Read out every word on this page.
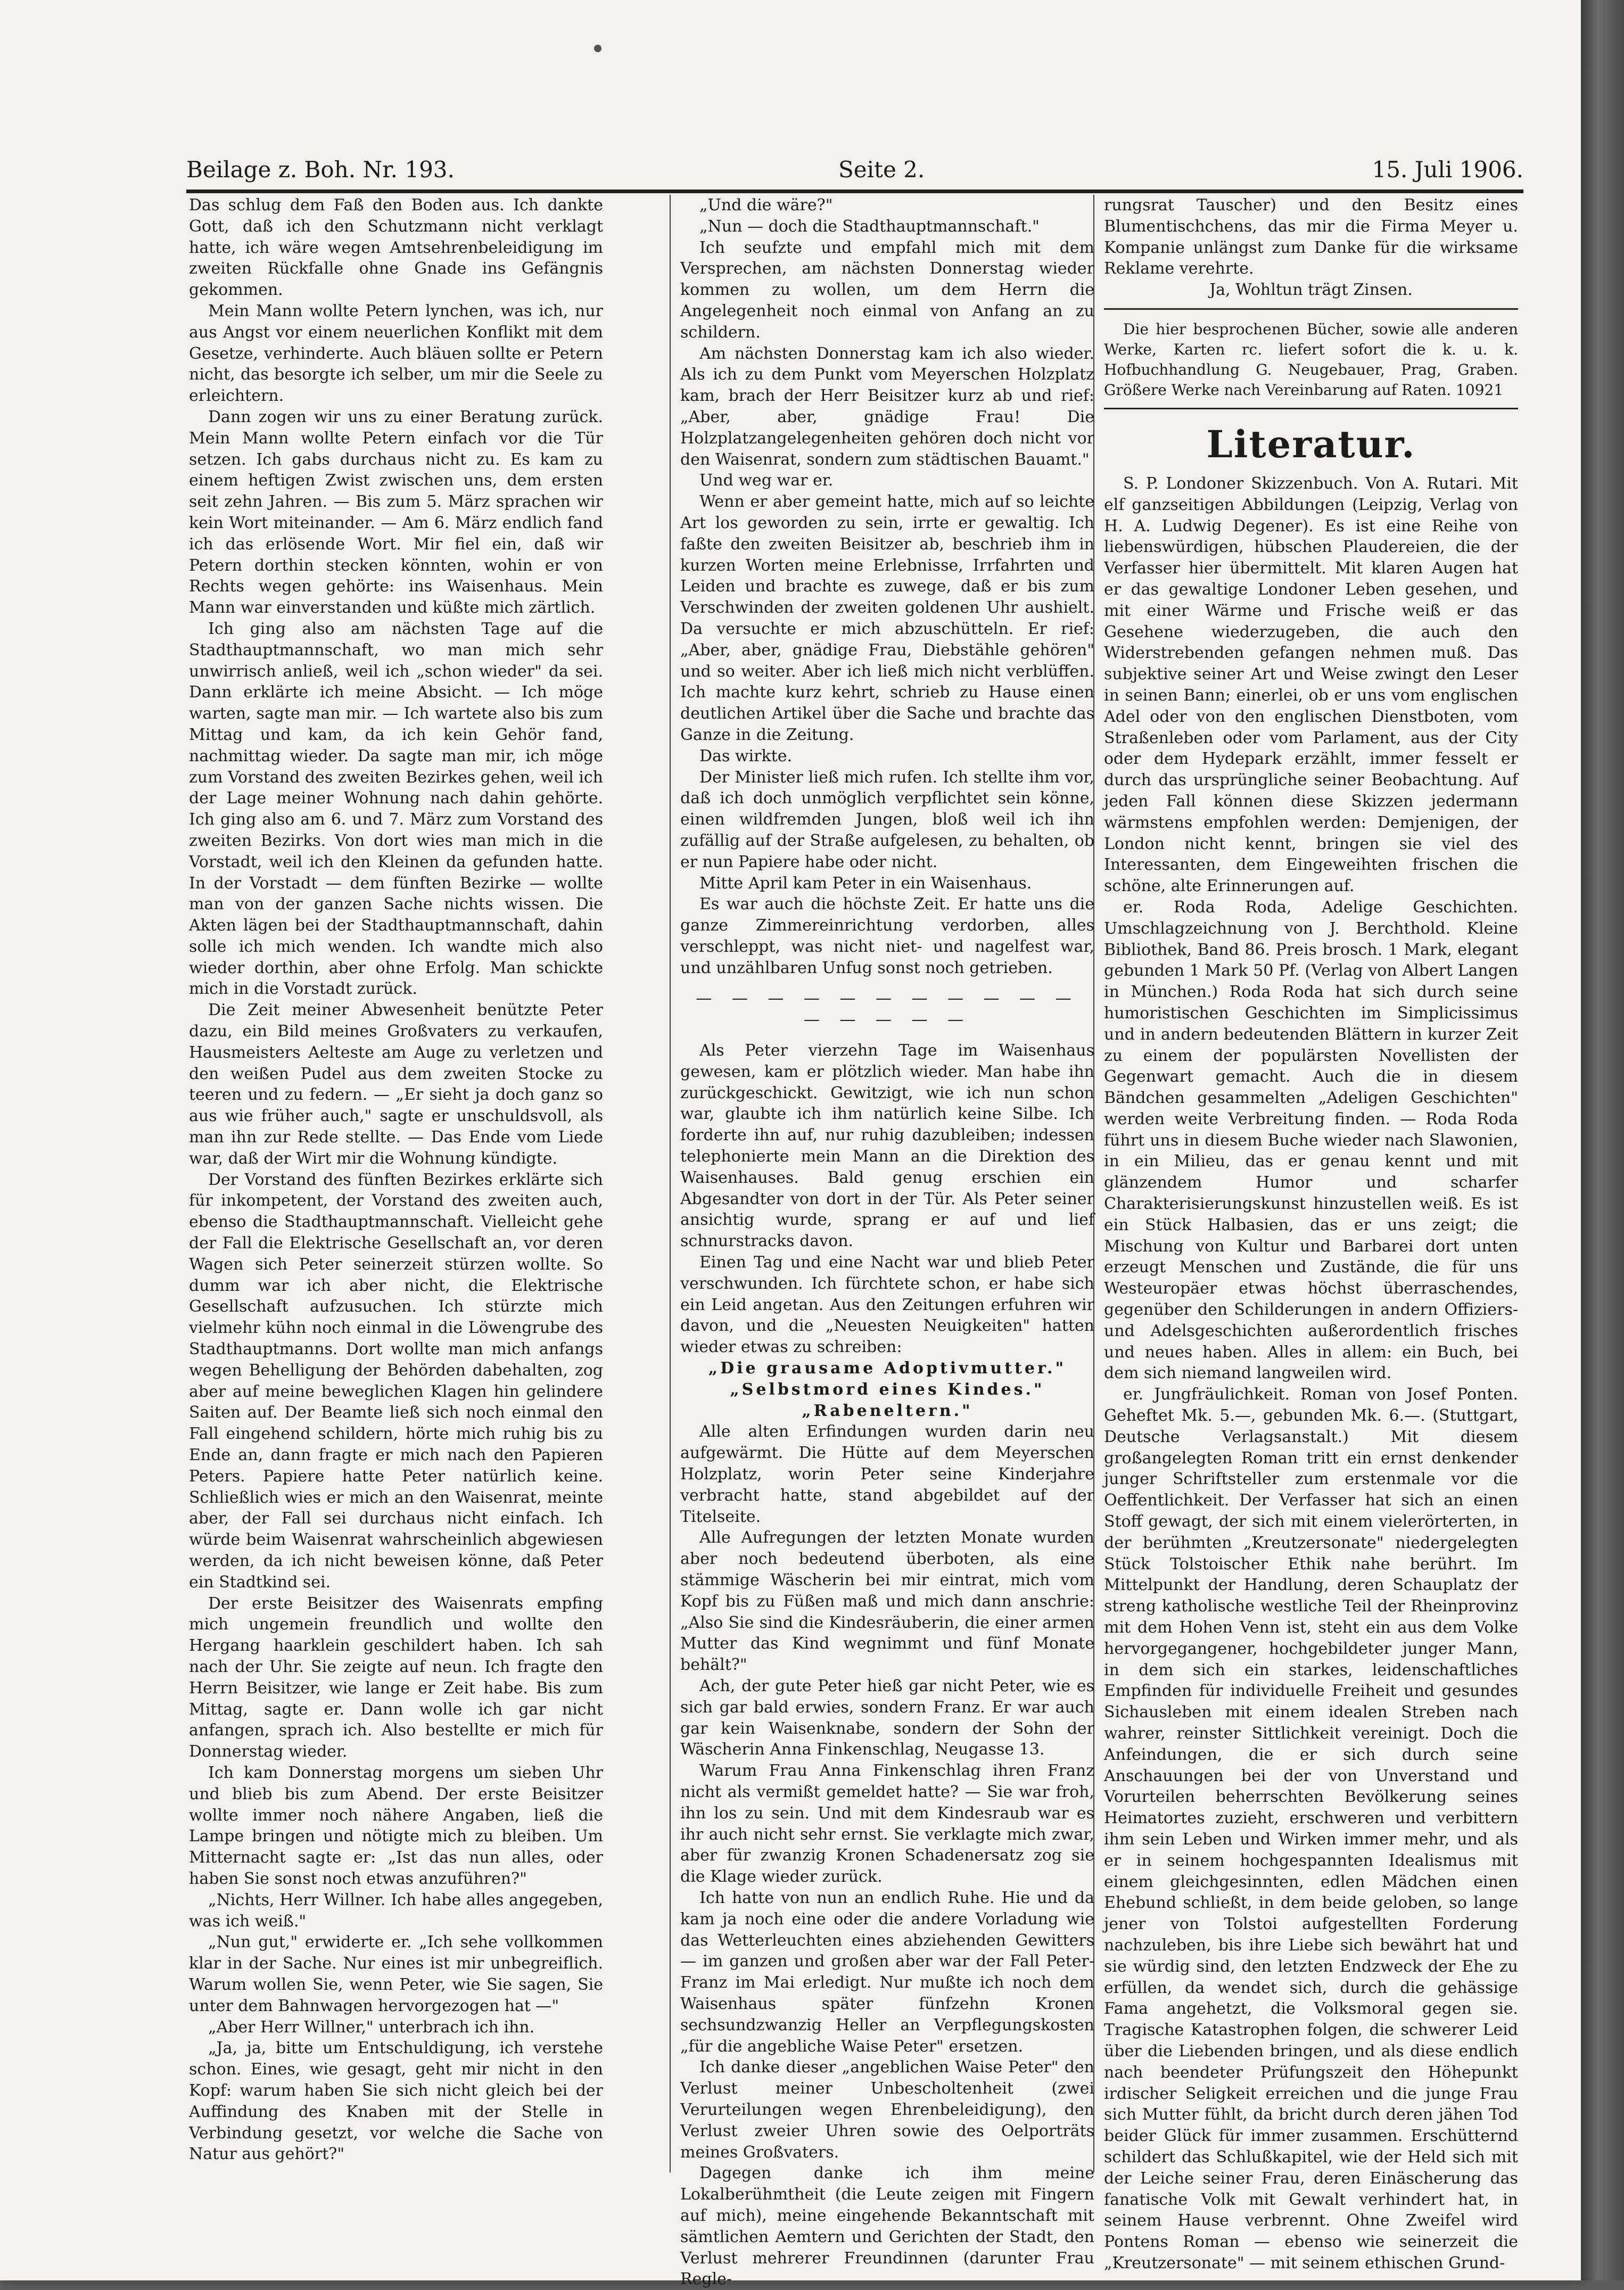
Beilage z. Boh. Nr. 193.	Seite 2.	15. Juli 1906.

Das schlug dem Faß den Boden aus. Ich dankte Gott, daß ich den Schutzmann nicht verklagt hatte, ich wäre wegen Amtsehrenbeleidigung im zweiten Rückfalle ohne Gnade ins Gefängnis gekommen.

Mein Mann wollte Petern lynchen, was ich, nur aus Angst vor einem neuerlichen Konflikt mit dem Gesetze, verhinderte. Auch bläuen sollte er Petern nicht, das besorgte ich selber, um mir die Seele zu erleichtern.

Dann zogen wir uns zu einer Beratung zurück. Mein Mann wollte Petern einfach vor die Tür setzen. Ich gabs durchaus nicht zu. Es kam zu einem heftigen Zwist zwischen uns, dem ersten seit zehn Jahren. — Bis zum 5. März sprachen wir kein Wort miteinander. — Am 6. März endlich fand ich das erlösende Wort. Mir fiel ein, daß wir Petern dorthin stecken könnten, wohin er von Rechts wegen gehörte: ins Waisenhaus. Mein Mann war einverstanden und küßte mich zärtlich.

Ich ging also am nächsten Tage auf die Stadthauptmannschaft, wo man mich sehr unwirrisch anließ, weil ich „schon wieder" da sei. Dann erklärte ich meine Absicht. — Ich möge warten, sagte man mir. — Ich wartete also bis zum Mittag und kam, da ich kein Gehör fand, nachmittag wieder. Da sagte man mir, ich möge zum Vorstand des zweiten Bezirkes gehen, weil ich der Lage meiner Wohnung nach dahin gehörte. Ich ging also am 6. und 7. März zum Vorstand des zweiten Bezirks. Von dort wies man mich in die Vorstadt, weil ich den Kleinen da gefunden hatte. In der Vorstadt — dem fünften Bezirke — wollte man von der ganzen Sache nichts wissen. Die Akten lägen bei der Stadthauptmannschaft, dahin solle ich mich wenden. Ich wandte mich also wieder dorthin, aber ohne Erfolg. Man schickte mich in die Vorstadt zurück.

Die Zeit meiner Abwesenheit benützte Peter dazu, ein Bild meines Großvaters zu verkaufen, Hausmeisters Aelteste am Auge zu verletzen und den weißen Pudel aus dem zweiten Stocke zu teeren und zu federn. — „Er sieht ja doch ganz so aus wie früher auch," sagte er unschuldsvoll, als man ihn zur Rede stellte. — Das Ende vom Liede war, daß der Wirt mir die Wohnung kündigte.

Der Vorstand des fünften Bezirkes erklärte sich für inkompetent, der Vorstand des zweiten auch, ebenso die Stadthauptmannschaft. Vielleicht gehe der Fall die Elektrische Gesellschaft an, vor deren Wagen sich Peter seinerzeit stürzen wollte. So dumm war ich aber nicht, die Elektrische Gesellschaft aufzusuchen. Ich stürzte mich vielmehr kühn noch einmal in die Löwengrube des Stadthauptmanns. Dort wollte man mich anfangs wegen Behelligung der Behörden dabehalten, zog aber auf meine beweglichen Klagen hin gelindere Saiten auf. Der Beamte ließ sich noch einmal den Fall eingehend schildern, hörte mich ruhig bis zu Ende an, dann fragte er mich nach den Papieren Peters. Papiere hatte Peter natürlich keine. Schließlich wies er mich an den Waisenrat, meinte aber, der Fall sei durchaus nicht einfach. Ich würde beim Waisenrat wahrscheinlich abgewiesen werden, da ich nicht beweisen könne, daß Peter ein Stadtkind sei.

Der erste Beisitzer des Waisenrats empfing mich ungemein freundlich und wollte den Hergang haarklein geschildert haben. Ich sah nach der Uhr. Sie zeigte auf neun. Ich fragte den Herrn Beisitzer, wie lange er Zeit habe. Bis zum Mittag, sagte er. Dann wolle ich gar nicht anfangen, sprach ich. Also bestellte er mich für Donnerstag wieder.

Ich kam Donnerstag morgens um sieben Uhr und blieb bis zum Abend. Der erste Beisitzer wollte immer noch nähere Angaben, ließ die Lampe bringen und nötigte mich zu bleiben. Um Mitternacht sagte er: „Ist das nun alles, oder haben Sie sonst noch etwas anzuführen?"

„Nichts, Herr Willner. Ich habe alles angegeben, was ich weiß."

„Nun gut," erwiderte er. „Ich sehe vollkommen klar in der Sache. Nur eines ist mir unbegreiflich. Warum wollen Sie, wenn Peter, wie Sie sagen, Sie unter dem Bahnwagen hervorgezogen hat —"

„Aber Herr Willner," unterbrach ich ihn.

„Ja, ja, bitte um Entschuldigung, ich verstehe schon. Eines, wie gesagt, geht mir nicht in den Kopf: warum haben Sie sich nicht gleich bei der Auffindung des Knaben mit der Stelle in Verbindung gesetzt, vor welche die Sache von Natur aus gehört?"

„Und die wäre?"

„Nun — doch die Stadthauptmannschaft."

Ich seufzte und empfahl mich mit dem Versprechen, am nächsten Donnerstag wieder kommen zu wollen, um dem Herrn die Angelegenheit noch einmal von Anfang an zu schildern.

Am nächsten Donnerstag kam ich also wieder. Als ich zu dem Punkt vom Meyerschen Holzplatz kam, brach der Herr Beisitzer kurz ab und rief: „Aber, aber, gnädige Frau! Die Holzplatzangelegenheiten gehören doch nicht vor den Waisenrat, sondern zum städtischen Bauamt."

Und weg war er.

Wenn er aber gemeint hatte, mich auf so leichte Art los geworden zu sein, irrte er gewaltig. Ich faßte den zweiten Beisitzer ab, beschrieb ihm in kurzen Worten meine Erlebnisse, Irrfahrten und Leiden und brachte es zuwege, daß er bis zum Verschwinden der zweiten goldenen Uhr aushielt. Da versuchte er mich abzuschütteln. Er rief: „Aber, aber, gnädige Frau, Diebstähle gehören" und so weiter. Aber ich ließ mich nicht verblüffen. Ich machte kurz kehrt, schrieb zu Hause einen deutlichen Artikel über die Sache und brachte das Ganze in die Zeitung.

Das wirkte.

Der Minister ließ mich rufen. Ich stellte ihm vor, daß ich doch unmöglich verpflichtet sein könne, einen wildfremden Jungen, bloß weil ich ihn zufällig auf der Straße aufgelesen, zu behalten, ob er nun Papiere habe oder nicht.

Mitte April kam Peter in ein Waisenhaus.

Es war auch die höchste Zeit. Er hatte uns die ganze Zimmereinrichtung verdorben, alles verschleppt, was nicht niet- und nagelfest war, und unzählbaren Unfug sonst noch getrieben.

— — — — — — — — — — — — — — — —

Als Peter vierzehn Tage im Waisenhaus gewesen, kam er plötzlich wieder. Man habe ihn zurückgeschickt. Gewitzigt, wie ich nun schon war, glaubte ich ihm natürlich keine Silbe. Ich forderte ihn auf, nur ruhig dazubleiben; indessen telephonierte mein Mann an die Direktion des Waisenhauses. Bald genug erschien ein Abgesandter von dort in der Tür. Als Peter seiner ansichtig wurde, sprang er auf und lief schnurstracks davon.

Einen Tag und eine Nacht war und blieb Peter verschwunden. Ich fürchtete schon, er habe sich ein Leid angetan. Aus den Zeitungen erfuhren wir davon, und die „Neuesten Neuigkeiten" hatten wieder etwas zu schreiben:

„Die grausame Adoptivmutter."

„Selbstmord eines Kindes."

„Rabeneltern."

Alle alten Erfindungen wurden darin neu aufgewärmt. Die Hütte auf dem Meyerschen Holzplatz, worin Peter seine Kinderjahre verbracht hatte, stand abgebildet auf der Titelseite.

Alle Aufregungen der letzten Monate wurden aber noch bedeutend überboten, als eine stämmige Wäscherin bei mir eintrat, mich vom Kopf bis zu Füßen maß und mich dann anschrie: „Also Sie sind die Kindesräuberin, die einer armen Mutter das Kind wegnimmt und fünf Monate behält?"

Ach, der gute Peter hieß gar nicht Peter, wie es sich gar bald erwies, sondern Franz. Er war auch gar kein Waisenknabe, sondern der Sohn der Wäscherin Anna Finkenschlag, Neugasse 13.

Warum Frau Anna Finkenschlag ihren Franz nicht als vermißt gemeldet hatte? — Sie war froh, ihn los zu sein. Und mit dem Kindesraub war es ihr auch nicht sehr ernst. Sie verklagte mich zwar, aber für zwanzig Kronen Schadenersatz zog sie die Klage wieder zurück.

Ich hatte von nun an endlich Ruhe. Hie und da kam ja noch eine oder die andere Vorladung wie das Wetterleuchten eines abziehenden Gewitters — im ganzen und großen aber war der Fall Peter-Franz im Mai erledigt. Nur mußte ich noch dem Waisenhaus später fünfzehn Kronen sechsundzwanzig Heller an Verpflegungskosten „für die angebliche Waise Peter" ersetzen.

Ich danke dieser „angeblichen Waise Peter" den Verlust meiner Unbescholtenheit (zwei Verurteilungen wegen Ehrenbeleidigung), den Verlust zweier Uhren sowie des Oelporträts meines Großvaters.

Dagegen danke ich ihm meine Lokalberühmtheit (die Leute zeigen mit Fingern auf mich), meine eingehende Bekanntschaft mit sämtlichen Aemtern und Gerichten der Stadt, den Verlust mehrerer Freundinnen (darunter Frau Regle-

rungsrat Tauscher) und den Besitz eines Blumentischchens, das mir die Firma Meyer u. Kompanie unlängst zum Danke für die wirksame Reklame verehrte.

Ja, Wohltun trägt Zinsen.

Die hier besprochenen Bücher, sowie alle anderen Werke, Karten rc. liefert sofort die k. u. k. Hofbuchhandlung G. Neugebauer, Prag, Graben. Größere Werke nach Vereinbarung auf Raten. 10921

Literatur.

S. P. Londoner Skizzenbuch. Von A. Rutari. Mit elf ganzseitigen Abbildungen (Leipzig, Verlag von H. A. Ludwig Degener). Es ist eine Reihe von liebenswürdigen, hübschen Plaudereien, die der Verfasser hier übermittelt. Mit klaren Augen hat er das gewaltige Londoner Leben gesehen, und mit einer Wärme und Frische weiß er das Gesehene wiederzugeben, die auch den Widerstrebenden gefangen nehmen muß. Das subjektive seiner Art und Weise zwingt den Leser in seinen Bann; einerlei, ob er uns vom englischen Adel oder von den englischen Dienstboten, vom Straßenleben oder vom Parlament, aus der City oder dem Hydepark erzählt, immer fesselt er durch das ursprüngliche seiner Beobachtung. Auf jeden Fall können diese Skizzen jedermann wärmstens empfohlen werden: Demjenigen, der London nicht kennt, bringen sie viel des Interessanten, dem Eingeweihten frischen die schöne, alte Erinnerungen auf.

er. Roda Roda, Adelige Geschichten. Umschlagzeichnung von J. Berchthold. Kleine Bibliothek, Band 86. Preis brosch. 1 Mark, elegant gebunden 1 Mark 50 Pf. (Verlag von Albert Langen in München.) Roda Roda hat sich durch seine humoristischen Geschichten im Simplicissimus und in andern bedeutenden Blättern in kurzer Zeit zu einem der populärsten Novellisten der Gegenwart gemacht. Auch die in diesem Bändchen gesammelten „Adeligen Geschichten" werden weite Verbreitung finden. — Roda Roda führt uns in diesem Buche wieder nach Slawonien, in ein Milieu, das er genau kennt und mit glänzendem Humor und scharfer Charakterisierungskunst hinzustellen weiß. Es ist ein Stück Halbasien, das er uns zeigt; die Mischung von Kultur und Barbarei dort unten erzeugt Menschen und Zustände, die für uns Westeuropäer etwas höchst überraschendes, gegenüber den Schilderungen in andern Offiziers- und Adelsgeschichten außerordentlich frisches und neues haben. Alles in allem: ein Buch, bei dem sich niemand langweilen wird.

er. Jungfräulichkeit. Roman von Josef Ponten. Geheftet Mk. 5.—, gebunden Mk. 6.—. (Stuttgart, Deutsche Verlagsanstalt.) Mit diesem großangelegten Roman tritt ein ernst denkender junger Schriftsteller zum erstenmale vor die Oeffentlichkeit. Der Verfasser hat sich an einen Stoff gewagt, der sich mit einem vielerörterten, in der berühmten „Kreutzersonate" niedergelegten Stück Tolstoischer Ethik nahe berührt. Im Mittelpunkt der Handlung, deren Schauplatz der streng katholische westliche Teil der Rheinprovinz mit dem Hohen Venn ist, steht ein aus dem Volke hervorgegangener, hochgebildeter junger Mann, in dem sich ein starkes, leidenschaftliches Empfinden für individuelle Freiheit und gesundes Sichausleben mit einem idealen Streben nach wahrer, reinster Sittlichkeit vereinigt. Doch die Anfeindungen, die er sich durch seine Anschauungen bei der von Unverstand und Vorurteilen beherrschten Bevölkerung seines Heimatortes zuzieht, erschweren und verbittern ihm sein Leben und Wirken immer mehr, und als er in seinem hochgespannten Idealismus mit einem gleichgesinnten, edlen Mädchen einen Ehebund schließt, in dem beide geloben, so lange jener von Tolstoi aufgestellten Forderung nachzuleben, bis ihre Liebe sich bewährt hat und sie würdig sind, den letzten Endzweck der Ehe zu erfüllen, da wendet sich, durch die gehässige Fama angehetzt, die Volksmoral gegen sie. Tragische Katastrophen folgen, die schwerer Leid über die Liebenden bringen, und als diese endlich nach beendeter Prüfungszeit den Höhepunkt irdischer Seligkeit erreichen und die junge Frau sich Mutter fühlt, da bricht durch deren jähen Tod beider Glück für immer zusammen. Erschütternd schildert das Schlußkapitel, wie der Held sich mit der Leiche seiner Frau, deren Einäscherung das fanatische Volk mit Gewalt verhindert hat, in seinem Hause verbrennt. Ohne Zweifel wird Pontens Roman — ebenso wie seinerzeit die „Kreutzersonate" — mit seinem ethischen Grund-
